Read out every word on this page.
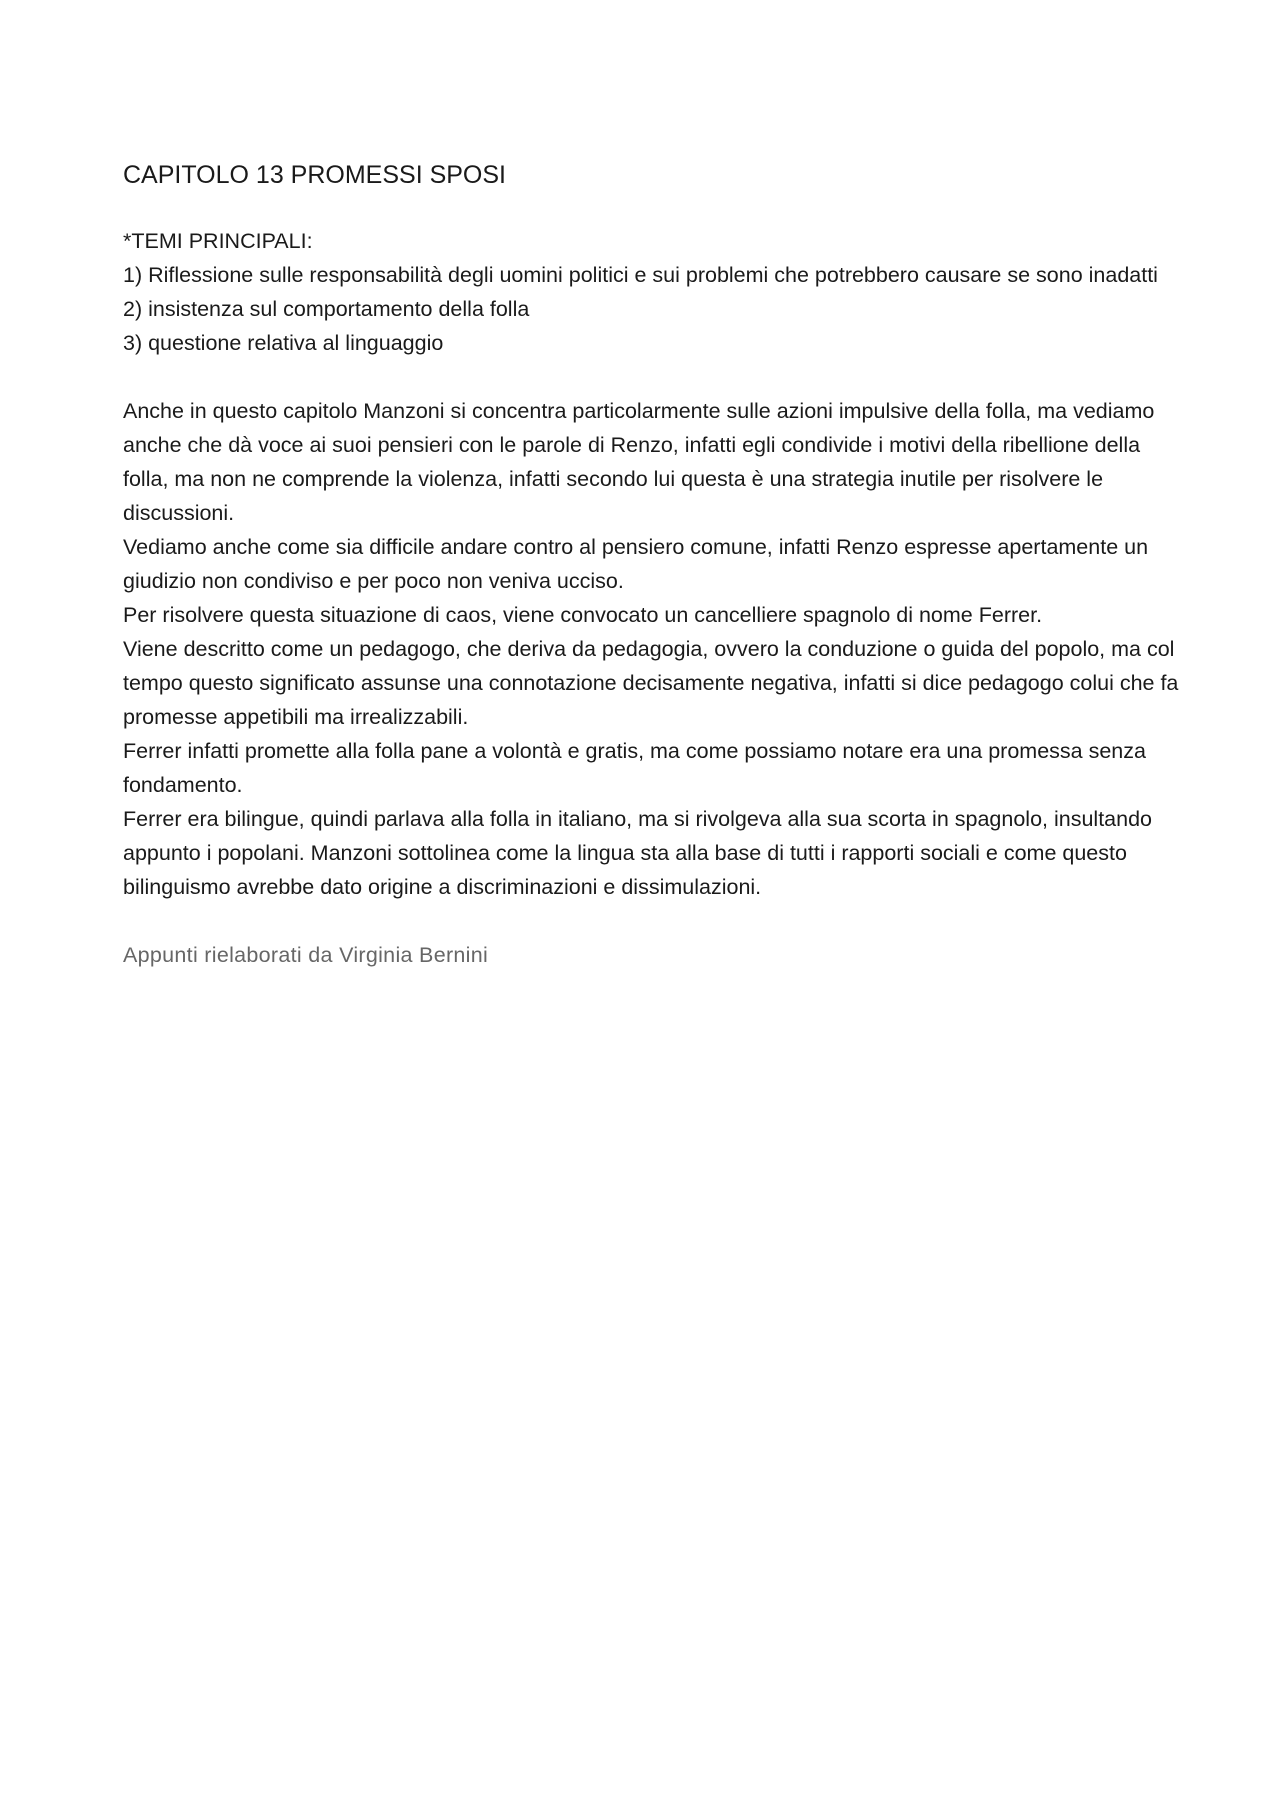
CAPITOLO 13 PROMESSI SPOSI

*TEMI PRINCIPALI:

1) Riflessione sulle responsabilità degli uomini politici e sui problemi che potrebbero causare se sono inadatti
2) insistenza sul comportamento della folla
3) questione relativa al linguaggio

Anche in questo capitolo Manzoni si concentra particolarmente sulle azioni impulsive della folla, ma vediamo anche che dà voce ai suoi pensieri con le parole di Renzo, infatti egli condivide i motivi della ribellione della folla, ma non ne comprende la violenza, infatti secondo lui questa è una strategia inutile per risolvere le discussioni.

Vediamo anche come sia difficile andare contro al pensiero comune, infatti Renzo espresse apertamente un giudizio non condiviso e per poco non veniva ucciso.

Per risolvere questa situazione di caos, viene convocato un cancelliere spagnolo di nome Ferrer.

Viene descritto come un pedagogo, che deriva da pedagogia, ovvero la conduzione o guida del popolo, ma col tempo questo significato assunse una connotazione decisamente negativa, infatti si dice pedagogo colui che fa promesse appetibili ma irrealizzabili.

Ferrer infatti promette alla folla pane a volontà e gratis, ma come possiamo notare era una promessa senza fondamento.

Ferrer era bilingue, quindi parlava alla folla in italiano, ma si rivolgeva alla sua scorta in spagnolo, insultando appunto i popolani. Manzoni sottolinea come la lingua sta alla base di tutti i rapporti sociali e come questo bilinguismo avrebbe dato origine a discriminazioni e dissimulazioni.

Appunti rielaborati da Virginia Bernini
